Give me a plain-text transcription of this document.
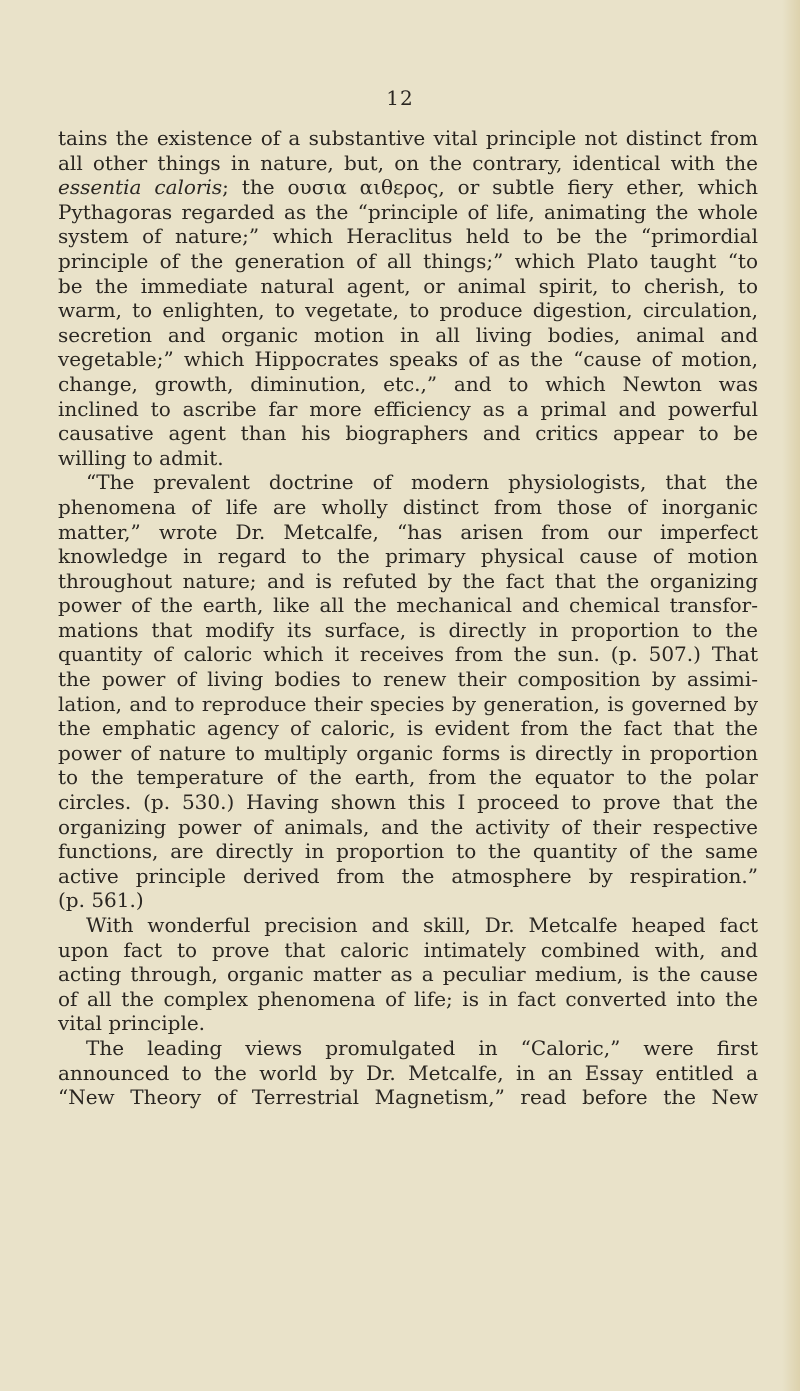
12
tains the existence of a substantive vital principle not distinct from
all other things in nature, but, on the contrary, identical with the
essentia caloris; the ουσια αιθερος, or subtle fiery ether, which
Pythagoras regarded as the “principle of life, animating the whole
system of nature;” which Heraclitus held to be the “primordial
principle of the generation of all things;” which Plato taught “to
be the immediate natural agent, or animal spirit, to cherish, to
warm, to enlighten, to vegetate, to produce digestion, circulation,
secretion and organic motion in all living bodies, animal and
vegetable;” which Hippocrates speaks of as the “cause of motion,
change, growth, diminution, etc.,” and to which Newton was
inclined to ascribe far more efficiency as a primal and powerful
causative agent than his biographers and critics appear to be
willing to admit.
“The prevalent doctrine of modern physiologists, that the
phenomena of life are wholly distinct from those of inorganic
matter,” wrote Dr. Metcalfe, “has arisen from our imperfect
knowledge in regard to the primary physical cause of motion
throughout nature; and is refuted by the fact that the organizing
power of the earth, like all the mechanical and chemical transfor-
mations that modify its surface, is directly in proportion to the
quantity of caloric which it receives from the sun. (p. 507.) That
the power of living bodies to renew their composition by assimi-
lation, and to reproduce their species by generation, is governed by
the emphatic agency of caloric, is evident from the fact that the
power of nature to multiply organic forms is directly in proportion
to the temperature of the earth, from the equator to the polar
circles. (p. 530.) Having shown this I proceed to prove that the
organizing power of animals, and the activity of their respective
functions, are directly in proportion to the quantity of the same
active principle derived from the atmosphere by respiration.”
(p. 561.)
With wonderful precision and skill, Dr. Metcalfe heaped fact
upon fact to prove that caloric intimately combined with, and
acting through, organic matter as a peculiar medium, is the cause
of all the complex phenomena of life; is in fact converted into the
vital principle.
The leading views promulgated in “Caloric,” were first
announced to the world by Dr. Metcalfe, in an Essay entitled a
“New Theory of Terrestrial Magnetism,” read before the New
